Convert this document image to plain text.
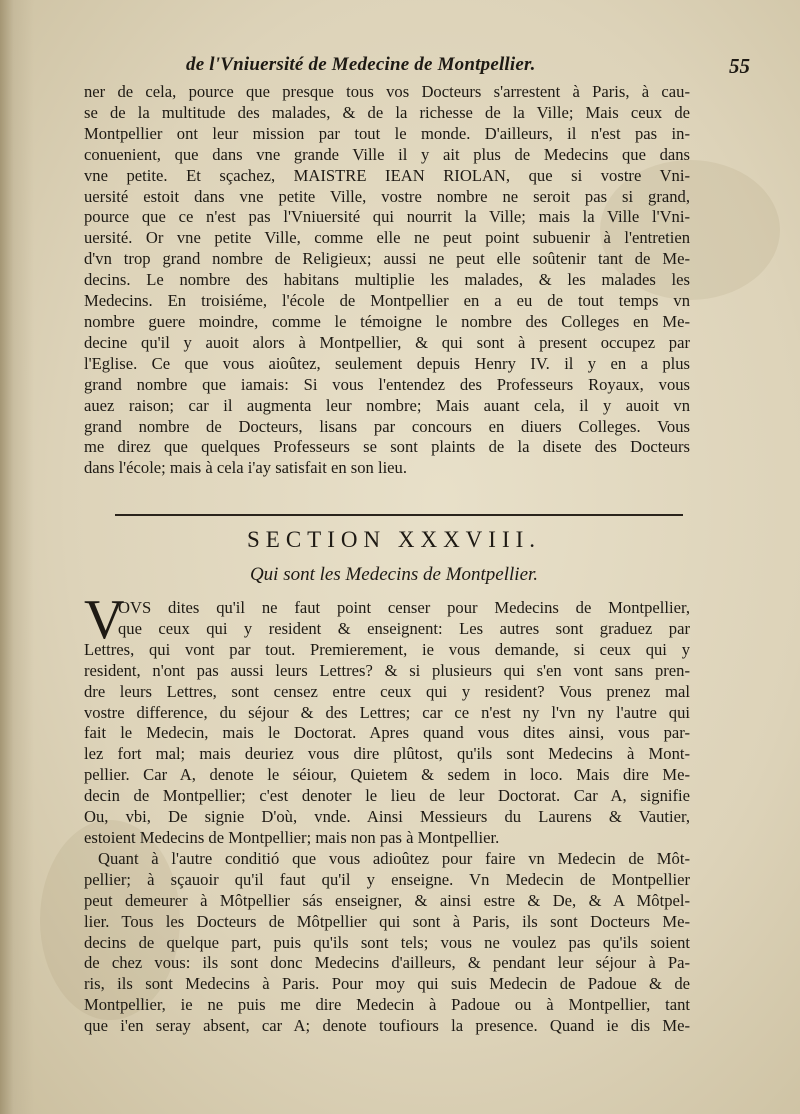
de l'Vniuersité de Medecine de Montpellier.	55
ner de cela, pource que presque tous vos Docteurs s'arrestent à Paris, à cau-
se de la multitude des malades, & de la richesse de la Ville; Mais ceux de
Montpellier ont leur mission par tout le monde. D'ailleurs, il n'est pas in-
conuenient, que dans vne grande Ville il y ait plus de Medecins que dans
vne petite. Et sçachez, MAISTRE IEAN RIOLAN, que si vostre Vni-
uersité estoit dans vne petite Ville, vostre nombre ne seroit pas si grand,
pource que ce n'est pas l'Vniuersité qui nourrit la Ville; mais la Ville l'Vni-
uersité. Or vne petite Ville, comme elle ne peut point subuenir à l'entretien
d'vn trop grand nombre de Religieux; aussi ne peut elle soûtenir tant de Me-
decins. Le nombre des habitans multiplie les malades, & les malades les
Medecins. En troisiéme, l'école de Montpellier en a eu de tout temps vn
nombre guere moindre, comme le témoigne le nombre des Colleges en Me-
decine qu'il y auoit alors à Montpellier, & qui sont à present occupez par
l'Eglise. Ce que vous aioûtez, seulement depuis Henry IV. il y en a plus
grand nombre que iamais: Si vous l'entendez des Professeurs Royaux, vous
auez raison; car il augmenta leur nombre; Mais auant cela, il y auoit vn
grand nombre de Docteurs, lisans par concours en diuers Colleges. Vous
me direz que quelques Professeurs se sont plaints de la disete des Docteurs
dans l'école; mais à cela i'ay satisfait en son lieu.
SECTION XXXVIII.
Qui sont les Medecins de Montpellier.
V
OVS dites qu'il ne faut point censer pour Medecins de Montpellier,
que ceux qui y resident & enseignent: Les autres sont graduez par
Lettres, qui vont par tout. Premierement, ie vous demande, si ceux qui y
resident, n'ont pas aussi leurs Lettres? & si plusieurs qui s'en vont sans pren-
dre leurs Lettres, sont censez entre ceux qui y resident? Vous prenez mal
vostre difference, du séjour & des Lettres; car ce n'est ny l'vn ny l'autre qui
fait le Medecin, mais le Doctorat. Apres quand vous dites ainsi, vous par-
lez fort mal; mais deuriez vous dire plûtost, qu'ils sont Medecins à Mont-
pellier. Car A, denote le séiour, Quietem & sedem in loco. Mais dire Me-
decin de Montpellier; c'est denoter le lieu de leur Doctorat. Car A, signifie
Ou, vbi, De signie D'où, vnde. Ainsi Messieurs du Laurens & Vautier,
estoient Medecins de Montpellier; mais non pas à Montpellier.
Quant à l'autre conditió que vous adioûtez pour faire vn Medecin de Môt-
pellier; à sçauoir qu'il faut qu'il y enseigne. Vn Medecin de Montpellier
peut demeurer à Môtpellier sás enseigner, & ainsi estre & De, & A Môtpel-
lier. Tous les Docteurs de Môtpellier qui sont à Paris, ils sont Docteurs Me-
decins de quelque part, puis qu'ils sont tels; vous ne voulez pas qu'ils soient
de chez vous: ils sont donc Medecins d'ailleurs, & pendant leur séjour à Pa-
ris, ils sont Medecins à Paris. Pour moy qui suis Medecin de Padoue & de
Montpellier, ie ne puis me dire Medecin à Padoue ou à Montpellier, tant
que i'en seray absent, car A; denote toufiours la presence. Quand ie dis Me-
